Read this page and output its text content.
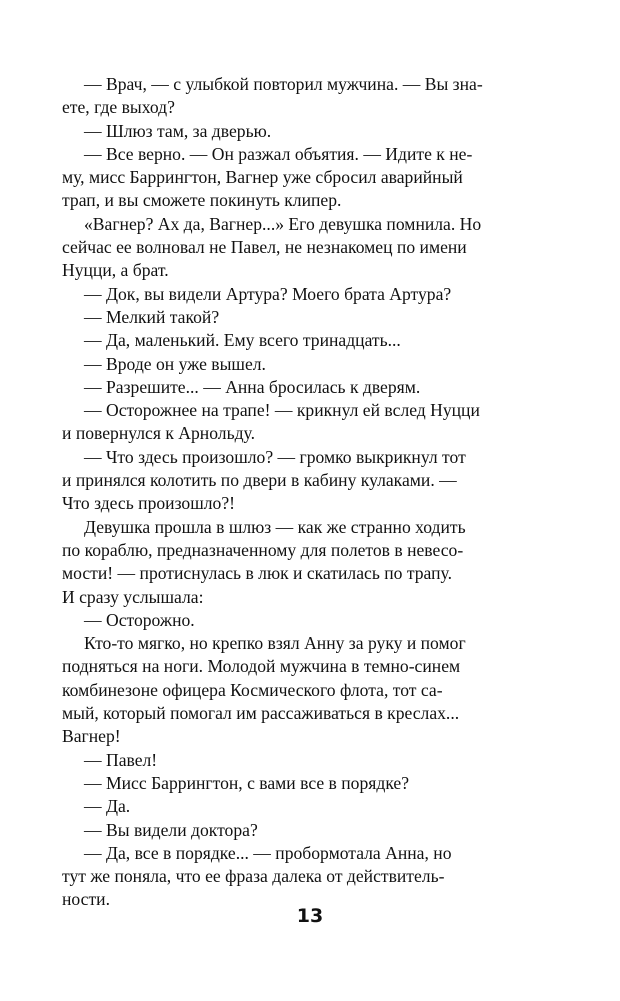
— Врач, — с улыбкой повторил мужчина. — Вы зна-
ете, где выход?
— Шлюз там, за дверью.
— Все верно. — Он разжал объятия. — Идите к не-
му, мисс Баррингтон, Вагнер уже сбросил аварийный
трап, и вы сможете покинуть клипер.
«Вагнер? Ах да, Вагнер...» Его девушка помнила. Но
сейчас ее волновал не Павел, не незнакомец по имени
Нуцци, а брат.
— Док, вы видели Артура? Моего брата Артура?
— Мелкий такой?
— Да, маленький. Ему всего тринадцать...
— Вроде он уже вышел.
— Разрешите... — Анна бросилась к дверям.
— Осторожнее на трапе! — крикнул ей вслед Нуцци
и повернулся к Арнольду.
— Что здесь произошло? — громко выкрикнул тот
и принялся колотить по двери в кабину кулаками. —
Что здесь произошло?!
Девушка прошла в шлюз — как же странно ходить
по кораблю, предназначенному для полетов в невесо-
мости! — протиснулась в люк и скатилась по трапу.
И сразу услышала:
— Осторожно.
Кто-то мягко, но крепко взял Анну за руку и помог
подняться на ноги. Молодой мужчина в темно-синем
комбинезоне офицера Космического флота, тот са-
мый, который помогал им рассаживаться в креслах...
Вагнер!
— Павел!
— Мисс Баррингтон, с вами все в порядке?
— Да.
— Вы видели доктора?
— Да, все в порядке... — пробормотала Анна, но
тут же поняла, что ее фраза далека от действитель-
ности.
13
